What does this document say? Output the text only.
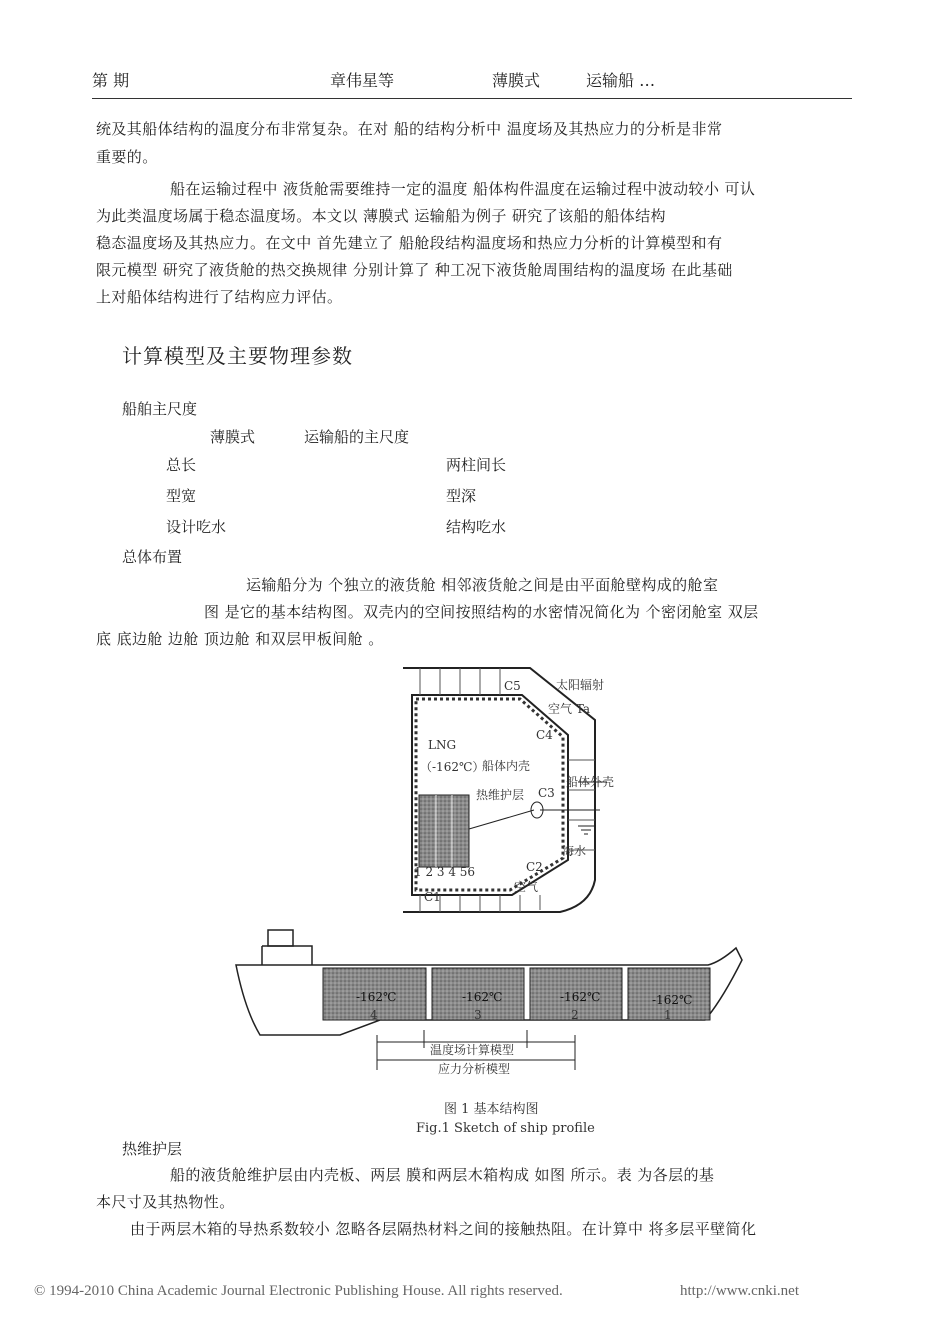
第 期	章伟星等	薄膜式	运输船 …
统及其船体结构的温度分布非常复杂。在对 船的结构分析中 温度场及其热应力的分析是非常
重要的。
船在运输过程中 液货舱需要维持一定的温度 船体构件温度在运输过程中波动较小 可认
为此类温度场属于稳态温度场。本文以 薄膜式 运输船为例子 研究了该船的船体结构
稳态温度场及其热应力。在文中 首先建立了 船舱段结构温度场和热应力分析的计算模型和有
限元模型 研究了液货舱的热交换规律 分别计算了 种工况下液货舱周围结构的温度场 在此基础
上对船体结构进行了结构应力评估。
计算模型及主要物理参数
船舶主尺度
薄膜式	运输船的主尺度
总长	两柱间长
型宽	型深
设计吃水	结构吃水
总体布置
运输船分为 个独立的液货舱 相邻液货舱之间是由平面舱壁构成的舱室
图 是它的基本结构图。双壳内的空间按照结构的水密情况简化为 个密闭舱室 双层
底 底边舱 边舱 顶边舱 和双层甲板间舱 。
C5	太阳辐射
空气 Ta
C4
LNG
（-162℃）
船体内壳
船体外壳
热维护层 C3
海水
C2
1 2 3 4 56
空气
C1
-162℃	-162℃	-162℃	-162℃
4	3	2	1
温度场计算模型
应力分析模型
图 1 基本结构图
Fig.1 Sketch of ship profile
热维护层
船的液货舱维护层由内壳板、两层 膜和两层木箱构成 如图 所示。表 为各层的基
本尺寸及其热物性。
由于两层木箱的导热系数较小 忽略各层隔热材料之间的接触热阻。在计算中 将多层平壁简化
© 1994-2010 China Academic Journal Electronic Publishing House. All rights reserved.	http://www.cnki.net
